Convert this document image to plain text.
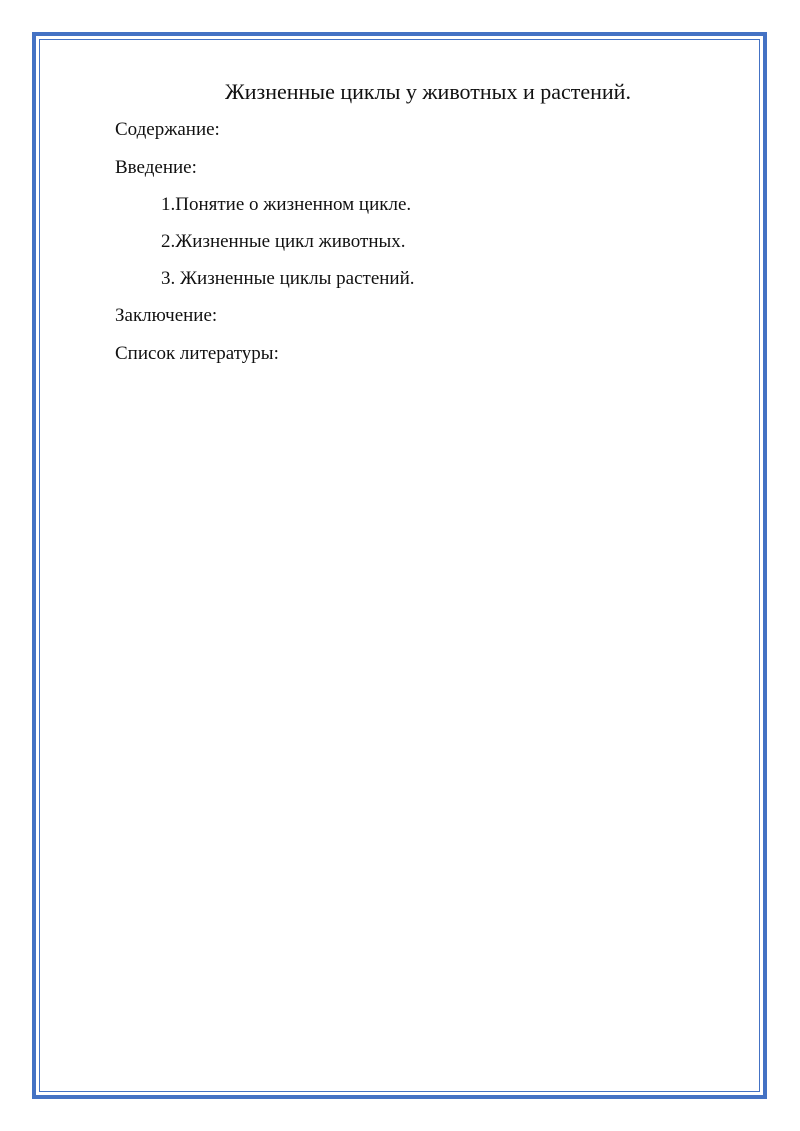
Жизненные циклы у животных и растений.

Содержание:

Введение:

1.Понятие о жизненном цикле.

2.Жизненные цикл животных.

3. Жизненные циклы растений.

Заключение:

Список литературы:
